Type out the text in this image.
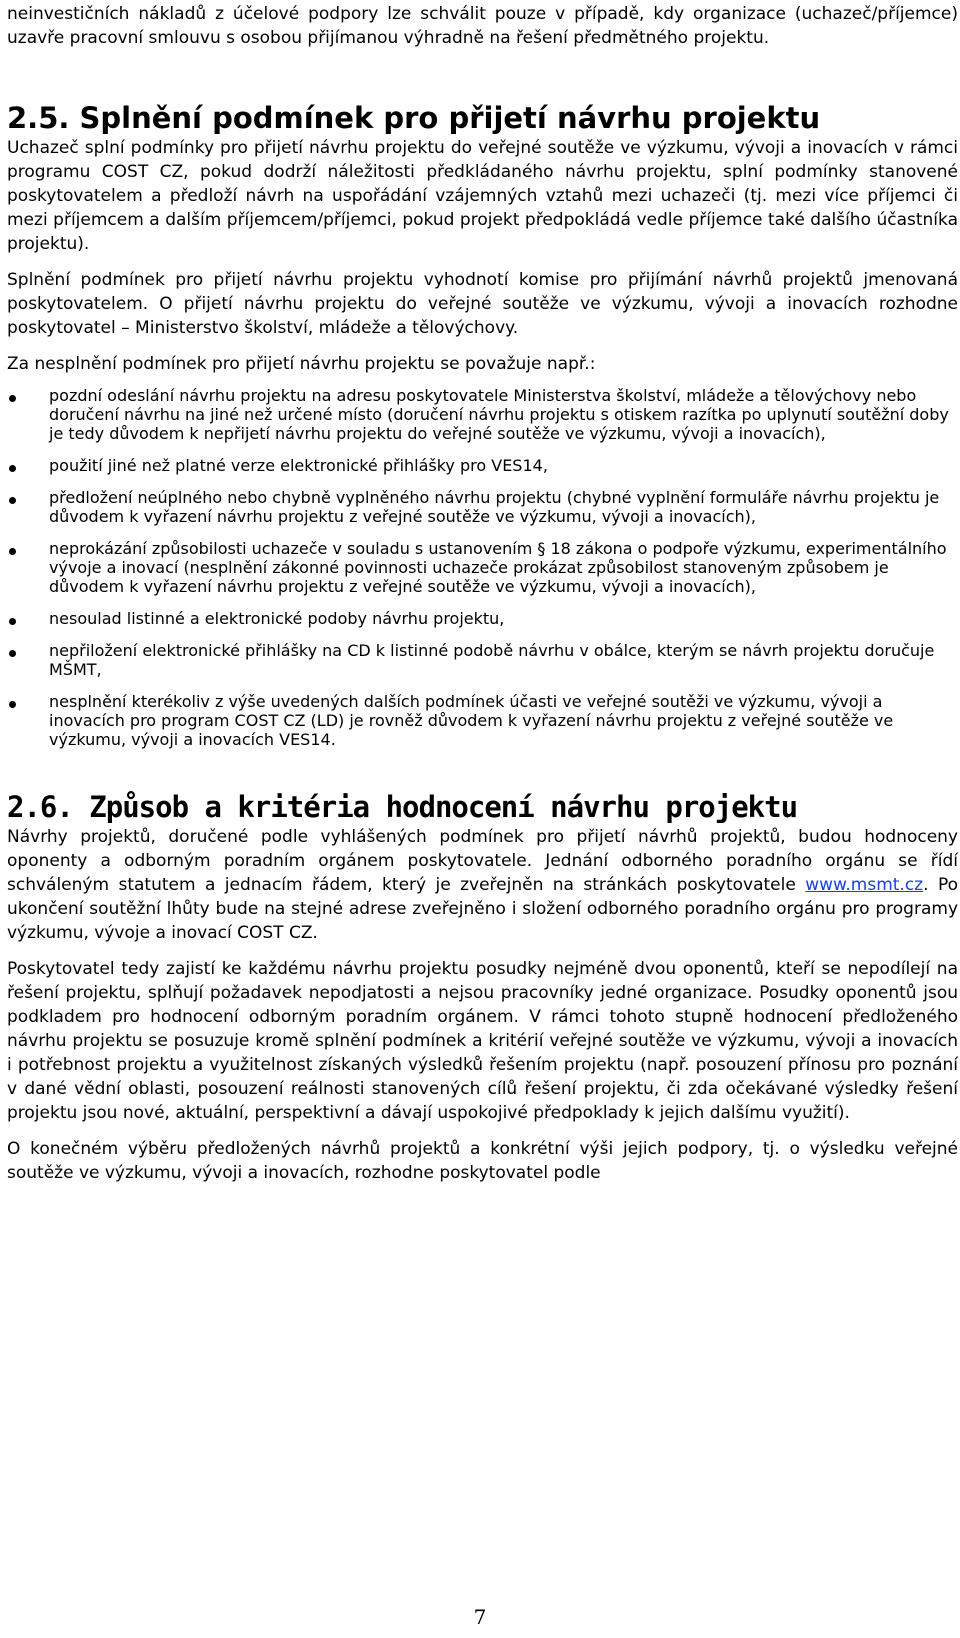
neinvestičních nákladů z účelové podpory lze schválit pouze v případě, kdy organizace (uchazeč/příjemce) uzavře pracovní smlouvu s osobou přijímanou výhradně na řešení předmětného projektu.

2.5. Splnění podmínek pro přijetí návrhu projektu

Uchazeč splní podmínky pro přijetí návrhu projektu do veřejné soutěže ve výzkumu, vývoji a inovacích v rámci programu COST CZ, pokud dodrží náležitosti předkládaného návrhu projektu, splní podmínky stanovené poskytovatelem a předloží návrh na uspořádání vzájemných vztahů mezi uchazeči (tj. mezi více příjemci či mezi příjemcem a dalším příjemcem/příjemci, pokud projekt předpokládá vedle příjemce také dalšího účastníka projektu).

Splnění podmínek pro přijetí návrhu projektu vyhodnotí komise pro přijímání návrhů projektů jmenovaná poskytovatelem. O přijetí návrhu projektu do veřejné soutěže ve výzkumu, vývoji a inovacích rozhodne poskytovatel – Ministerstvo školství, mládeže a tělovýchovy.

Za nesplnění podmínek pro přijetí návrhu projektu se považuje např.:

pozdní odeslání návrhu projektu na adresu poskytovatele Ministerstva školství, mládeže a tělovýchovy nebo doručení návrhu na jiné než určené místo (doručení návrhu projektu s otiskem razítka po uplynutí soutěžní doby je tedy důvodem k nepřijetí návrhu projektu do veřejné soutěže ve výzkumu, vývoji a inovacích),
použití jiné než platné verze elektronické přihlášky pro VES14,
předložení neúplného nebo chybně vyplněného návrhu projektu (chybné vyplnění formuláře návrhu projektu je důvodem k vyřazení návrhu projektu z veřejné soutěže ve výzkumu, vývoji a inovacích),
neprokázání způsobilosti uchazeče v souladu s ustanovením § 18 zákona o podpoře výzkumu, experimentálního vývoje a inovací (nesplnění zákonné povinnosti uchazeče prokázat způsobilost stanoveným způsobem je důvodem k vyřazení návrhu projektu z veřejné soutěže ve výzkumu, vývoji a inovacích),
nesoulad listinné a elektronické podoby návrhu projektu,
nepřiložení elektronické přihlášky na CD k listinné podobě návrhu v obálce, kterým se návrh projektu doručuje MŠMT,
nesplnění kterékoliv z výše uvedených dalších podmínek účasti ve veřejné soutěži ve výzkumu, vývoji a inovacích pro program COST CZ (LD) je rovněž důvodem k vyřazení návrhu projektu z veřejné soutěže ve výzkumu, vývoji a inovacích VES14.
2.6. Způsob a kritéria hodnocení návrhu projektu

Návrhy projektů, doručené podle vyhlášených podmínek pro přijetí návrhů projektů, budou hodnoceny oponenty a odborným poradním orgánem poskytovatele. Jednání odborného poradního orgánu se řídí schváleným statutem a jednacím řádem, který je zveřejněn na stránkách poskytovatele www.msmt.cz. Po ukončení soutěžní lhůty bude na stejné adrese zveřejněno i složení odborného poradního orgánu pro programy výzkumu, vývoje a inovací COST CZ.

Poskytovatel tedy zajistí ke každému návrhu projektu posudky nejméně dvou oponentů, kteří se nepodílejí na řešení projektu, splňují požadavek nepodjatosti a nejsou pracovníky jedné organizace. Posudky oponentů jsou podkladem pro hodnocení odborným poradním orgánem. V rámci tohoto stupně hodnocení předloženého návrhu projektu se posuzuje kromě splnění podmínek a kritérií veřejné soutěže ve výzkumu, vývoji a inovacích i potřebnost projektu a využitelnost získaných výsledků řešením projektu (např. posouzení přínosu pro poznání v dané vědní oblasti, posouzení reálnosti stanovených cílů řešení projektu, či zda očekávané výsledky řešení projektu jsou nové, aktuální, perspektivní a dávají uspokojivé předpoklady k jejich dalšímu využití).

O konečném výběru předložených návrhů projektů a konkrétní výši jejich podpory, tj. o výsledku veřejné soutěže ve výzkumu, vývoji a inovacích, rozhodne poskytovatel podle

7
